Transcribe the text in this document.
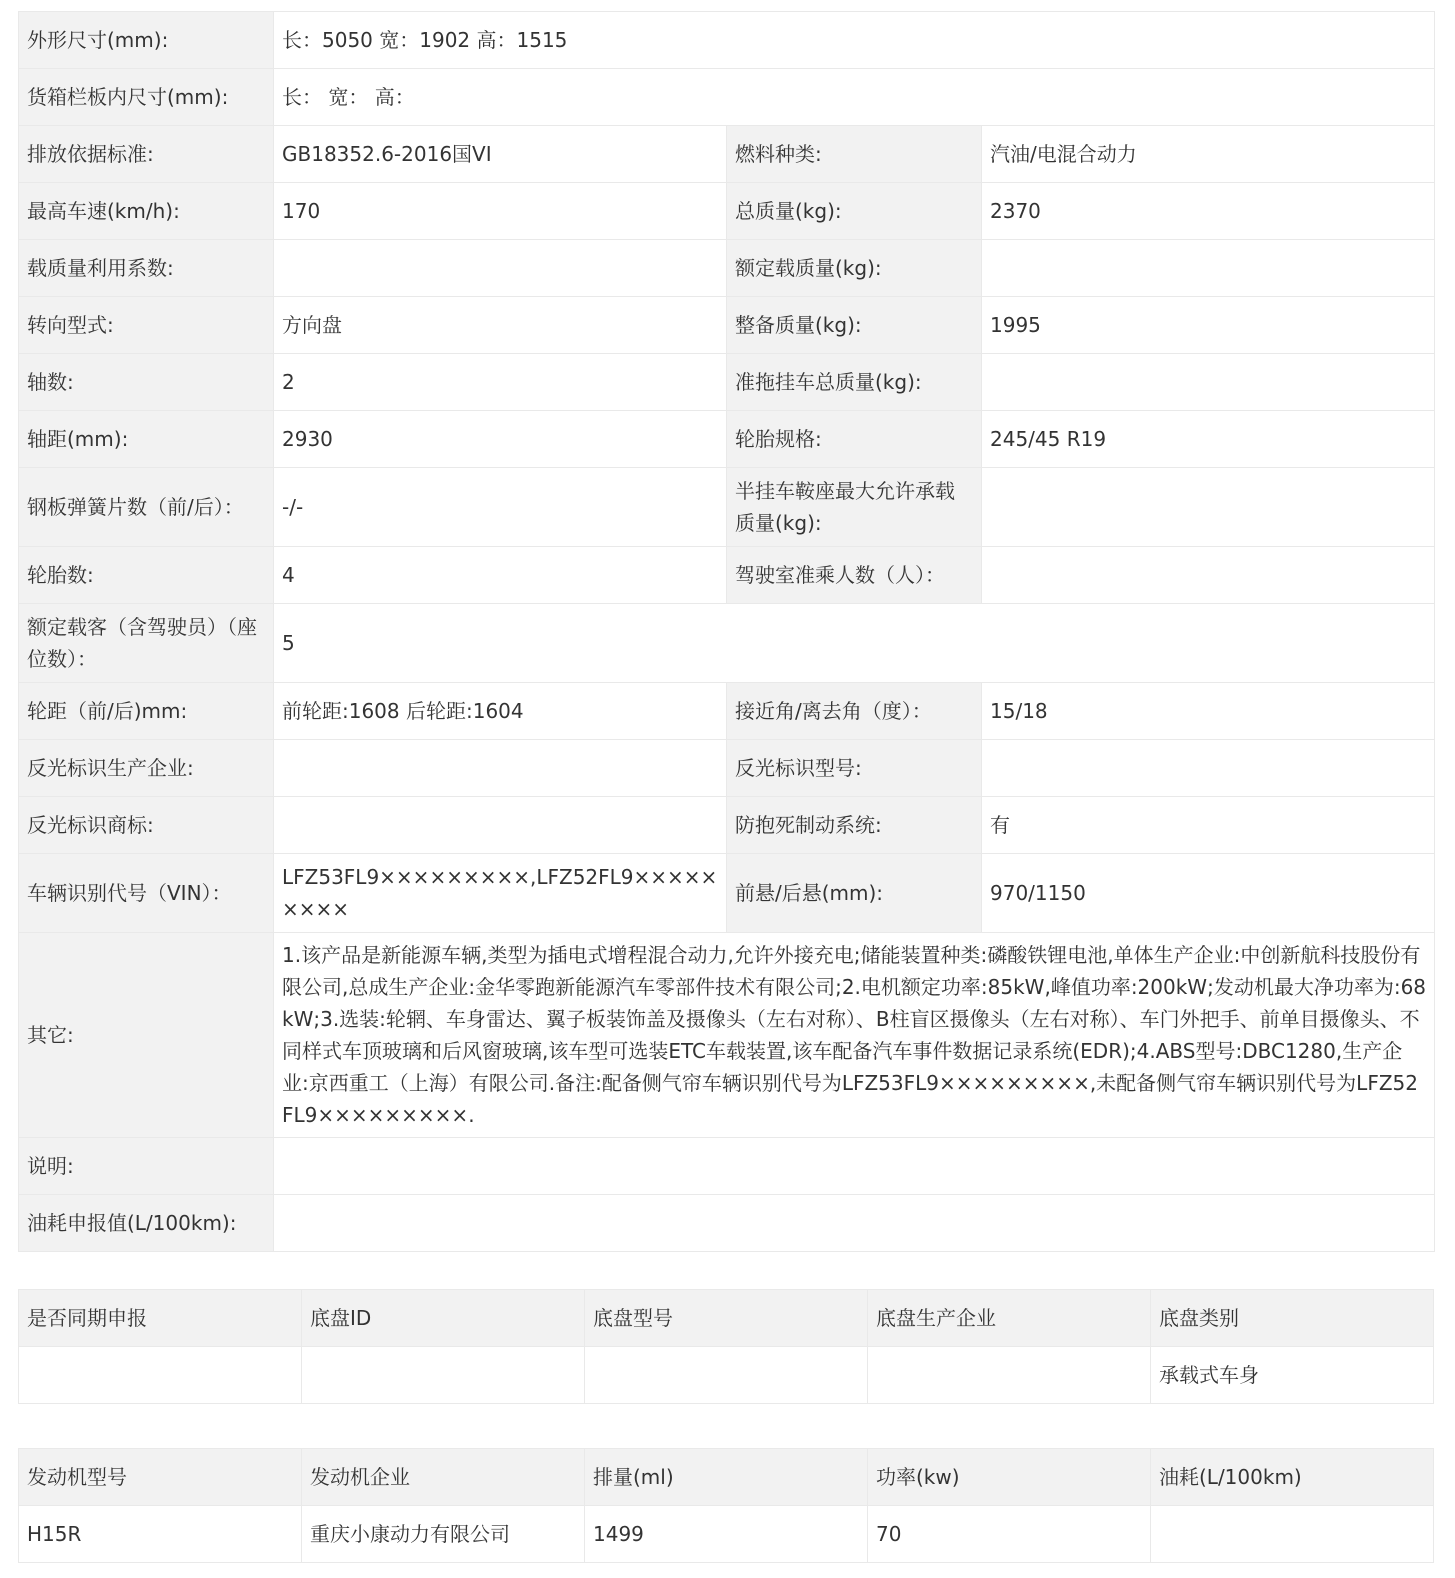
外形尺寸(mm):	长：5050 宽：1902 高：1515		
货箱栏板内尺寸(mm):	长： 宽： 高：		
排放依据标准:	GB18352.6-2016国VI	燃料种类:	汽油/电混合动力
最高车速(km/h):	170	总质量(kg):	2370
载质量利用系数:		额定载质量(kg):	
转向型式:	方向盘	整备质量(kg):	1995
轴数:	2	准拖挂车总质量(kg):	
轴距(mm):	2930	轮胎规格:	245/45 R19
钢板弹簧片数（前/后）：	-/-	半挂车鞍座最大允许承载质量(kg):	
轮胎数:	4	驾驶室准乘人数（人）：	
额定载客（含驾驶员）（座位数）：	5		
轮距（前/后)mm:	前轮距:1608 后轮距:1604	接近角/离去角（度）：	15/18
反光标识生产企业:		反光标识型号:	
反光标识商标:		防抱死制动系统:	有
车辆识别代号（VIN）：	LFZ53FL9×××××××××,LFZ52FL9×××××××××	前悬/后悬(mm):	970/1150
其它:	1.该产品是新能源车辆,类型为插电式增程混合动力,允许外接充电;储能装置种类:磷酸铁锂电池,单体生产企业:中创新航科技股份有限公司,总成生产企业:金华零跑新能源汽车零部件技术有限公司;2.电机额定功率:85kW,峰值功率:200kW;发动机最大净功率为:68kW;3.选装:轮辋、车身雷达、翼子板装饰盖及摄像头（左右对称）、B柱盲区摄像头（左右对称）、车门外把手、前单目摄像头、不同样式车顶玻璃和后风窗玻璃,该车型可选装ETC车载装置,该车配备汽车事件数据记录系统(EDR);4.ABS型号:DBC1280,生产企业:京西重工（上海）有限公司.备注:配备侧气帘车辆识别代号为LFZ53FL9×××××××××,未配备侧气帘车辆识别代号为LFZ52FL9×××××××××.		
说明:			
油耗申报值(L/100km):			
是否同期申报	底盘ID	底盘型号	底盘生产企业	底盘类别
				承载式车身
发动机型号	发动机企业	排量(ml)	功率(kw)	油耗(L/100km)
H15R	重庆小康动力有限公司	1499	70	
